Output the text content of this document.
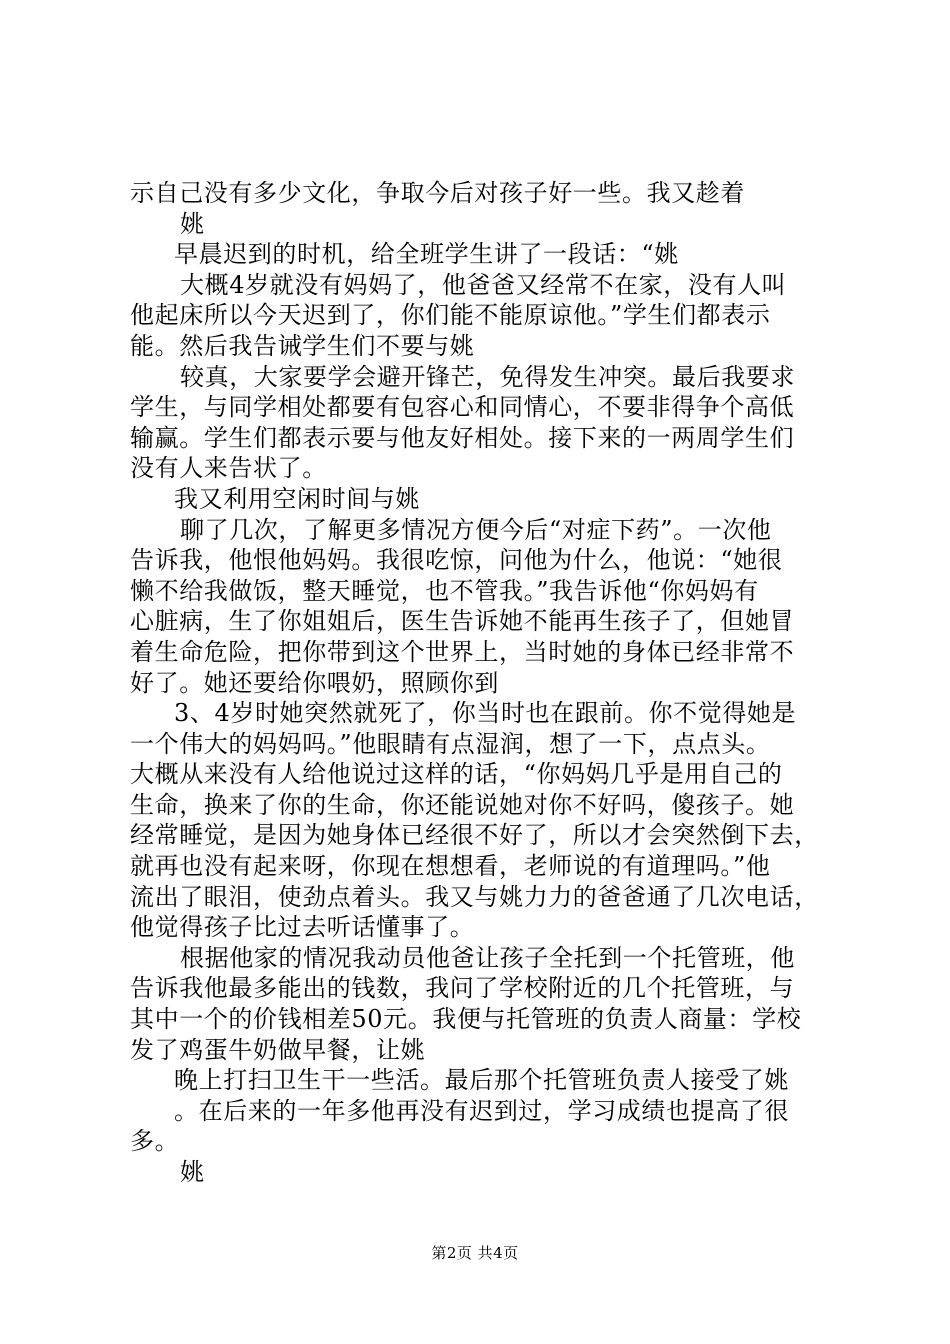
示自己没有多少文化，争取今后对孩子好一些。我又趁着
姚
早晨迟到的时机，给全班学生讲了一段话：“姚
大概4岁就没有妈妈了，他爸爸又经常不在家，没有人叫
他起床所以今天迟到了，你们能不能原谅他。”学生们都表示
能。然后我告诫学生们不要与姚
较真，大家要学会避开锋芒，免得发生冲突。最后我要求
学生，与同学相处都要有包容心和同情心，不要非得争个高低
输赢。学生们都表示要与他友好相处。接下来的一两周学生们
没有人来告状了。
我又利用空闲时间与姚
聊了几次，了解更多情况方便今后“对症下药”。一次他
告诉我，他恨他妈妈。我很吃惊，问他为什么，他说：“她很
懒不给我做饭，整天睡觉，也不管我。”我告诉他“你妈妈有
心脏病，生了你姐姐后，医生告诉她不能再生孩子了，但她冒
着生命危险，把你带到这个世界上，当时她的身体已经非常不
好了。她还要给你喂奶，照顾你到
3、4岁时她突然就死了，你当时也在跟前。你不觉得她是
一个伟大的妈妈吗。”他眼睛有点湿润，想了一下，点点头。
大概从来没有人给他说过这样的话，“你妈妈几乎是用自己的
生命，换来了你的生命，你还能说她对你不好吗，傻孩子。她
经常睡觉，是因为她身体已经很不好了，所以才会突然倒下去，
就再也没有起来呀，你现在想想看，老师说的有道理吗。”他
流出了眼泪，使劲点着头。我又与姚力力的爸爸通了几次电话，
他觉得孩子比过去听话懂事了。
根据他家的情况我动员他爸让孩子全托到一个托管班，他
告诉我他最多能出的钱数，我问了学校附近的几个托管班，与
其中一个的价钱相差50元。我便与托管班的负责人商量：学校
发了鸡蛋牛奶做早餐，让姚
晚上打扫卫生干一些活。最后那个托管班负责人接受了姚
。在后来的一年多他再没有迟到过，学习成绩也提高了很
多。
姚
第2页 共4页
